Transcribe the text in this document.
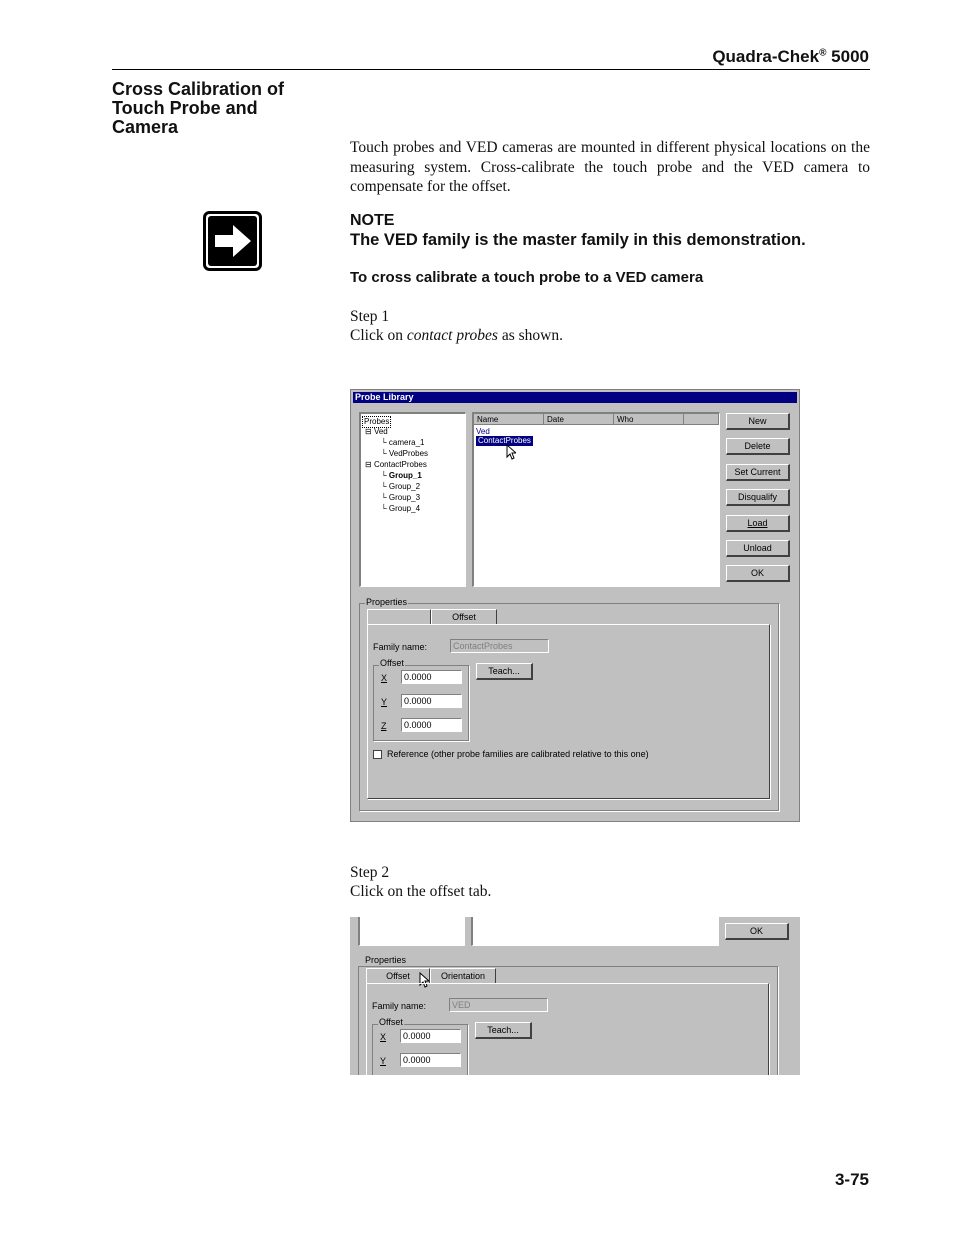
Quadra-Chek® 5000
Cross Calibration of Touch Probe and Camera
Touch probes and VED cameras are mounted in different physical locations on the measuring system. Cross-calibrate the touch probe and the VED camera to compensate for the offset.
NOTE
The VED family is the master family in this demonstration.
To cross calibrate a touch probe to a VED camera
Step 1
Click on contact probes as shown.
Probe Library
Probes
⊟ Ved
└ camera_1
└ VedProbes
⊟ ContactProbes
└ Group_1
└ Group_2
└ Group_3
└ Group_4
Name	Date	Who
Ved
ContactProbes
New
Delete
Set Current
Disqualify
Load
Unload
OK
Properties
Offset
Family name:	ContactProbes
Offset
Teach...
X	0.0000
Y	0.0000
Z	0.0000
Reference (other probe families are calibrated relative to this one)
Step 2
Click on the offset tab.
OK
Properties
Offset	Orientation
Family name:	VED
Offset
Teach...
X	0.0000
Y	0.0000
3-75
